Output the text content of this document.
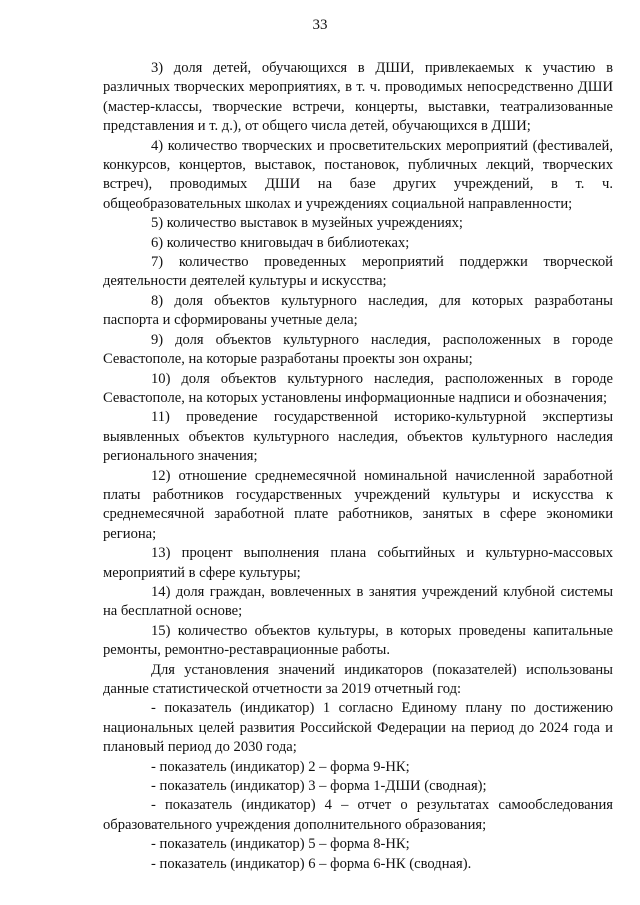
33

3) доля детей, обучающихся в ДШИ, привлекаемых к участию в различных творческих мероприятиях, в т. ч. проводимых непосредственно ДШИ (мастер-классы, творческие встречи, концерты, выставки, театрализованные представления и т. д.), от общего числа детей, обучающихся в ДШИ;

4) количество творческих и просветительских мероприятий (фестивалей, конкурсов, концертов, выставок, постановок, публичных лекций, творческих встреч), проводимых ДШИ на базе других учреждений, в т. ч. общеобразовательных школах и учреждениях социальной направленности;

5) количество выставок в музейных учреждениях;

6) количество книговыдач в библиотеках;

7) количество проведенных мероприятий поддержки творческой деятельности деятелей культуры и искусства;

8) доля объектов культурного наследия, для которых разработаны паспорта и сформированы учетные дела;

9) доля объектов культурного наследия, расположенных в городе Севастополе, на которые разработаны проекты зон охраны;

10) доля объектов культурного наследия, расположенных в городе Севастополе, на которых установлены информационные надписи и обозначения;

11) проведение государственной историко-культурной экспертизы выявленных объектов культурного наследия, объектов культурного наследия регионального значения;

12) отношение среднемесячной номинальной начисленной заработной платы работников государственных учреждений культуры и искусства к среднемесячной заработной плате работников, занятых в сфере экономики региона;

13) процент выполнения плана событийных и культурно-массовых мероприятий в сфере культуры;

14) доля граждан, вовлеченных в занятия учреждений клубной системы на бесплатной основе;

15) количество объектов культуры, в которых проведены капитальные ремонты, ремонтно-реставрационные работы.

Для установления значений индикаторов (показателей) использованы данные статистической отчетности за 2019 отчетный год:

- показатель (индикатор) 1 согласно Единому плану по достижению национальных целей развития Российской Федерации на период до 2024 года и плановый период до 2030 года;

- показатель (индикатор) 2 – форма 9-НК;

- показатель (индикатор) 3 – форма 1-ДШИ (сводная);

- показатель (индикатор) 4 – отчет о результатах самообследования образовательного учреждения дополнительного образования;

- показатель (индикатор) 5 – форма 8-НК;

- показатель (индикатор) 6 – форма 6-НК (сводная).
